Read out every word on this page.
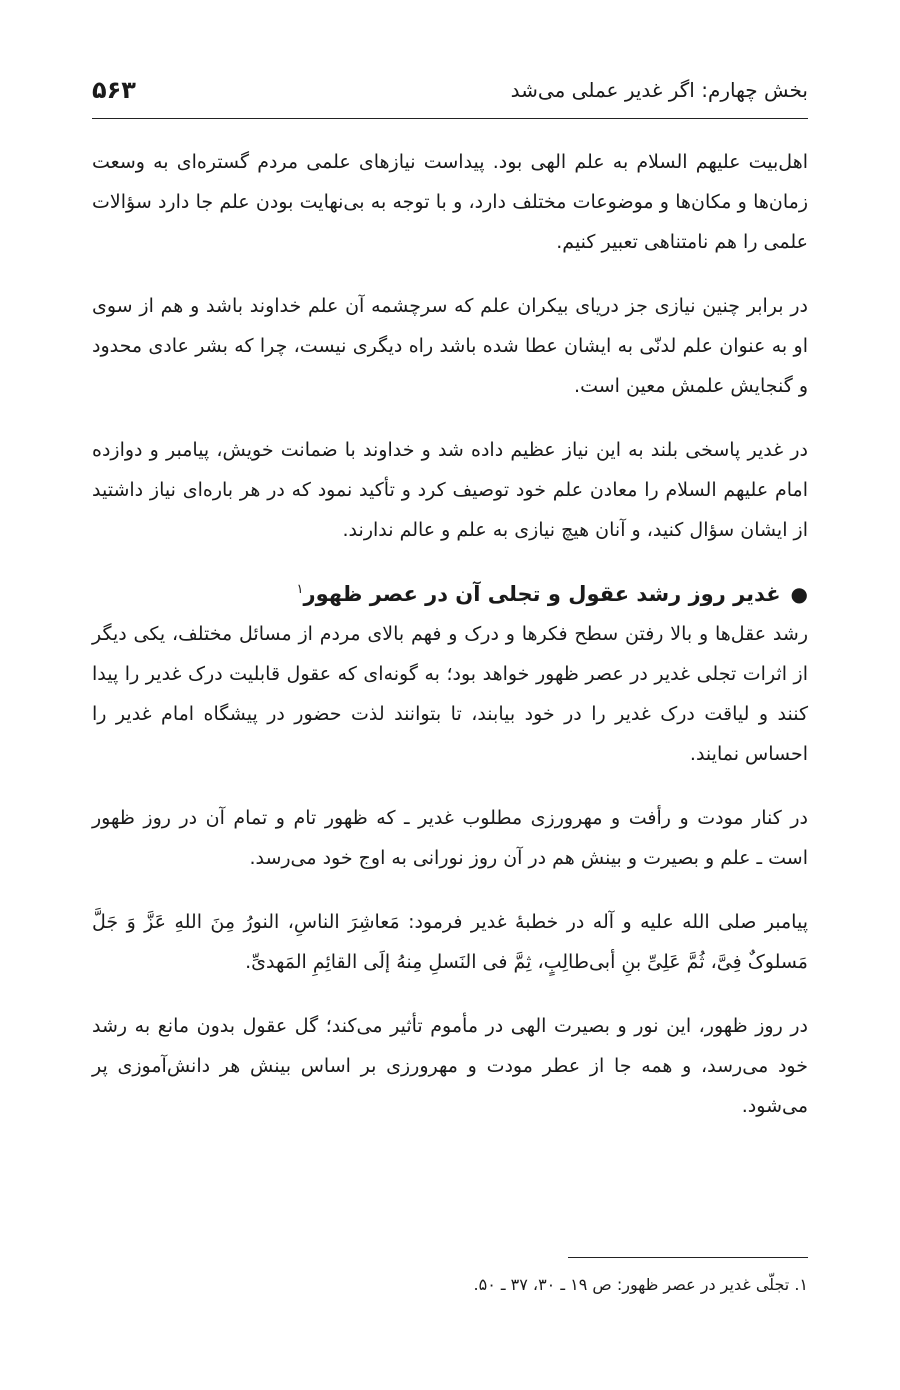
بخش چهارم: اگر غدیر عملی می‌شد
۵۶۳

اهل‌بیت علیهم السلام به علم الهی بود. پیداست نیازهای علمی مردم گستره‌ای به وسعت زمان‌ها و مکان‌ها و موضوعات مختلف دارد، و با توجه به بی‌نهایت بودن علم جا دارد سؤالات علمی را هم نامتناهی تعبیر کنیم.

در برابر چنین نیازی جز دریای بیکران علم که سرچشمه آن علم خداوند باشد و هم از سوی او به عنوان علم لدنّی به ایشان عطا شده باشد راه دیگری نیست، چرا که بشر عادی محدود و گنجایش علمش معین است.

در غدیر پاسخی بلند به این نیاز عظیم داده شد و خداوند با ضمانت خویش، پیامبر و دوازده امام علیهم السلام را معادن علم خود توصیف کرد و تأکید نمود که در هر باره‌ای نیاز داشتید از ایشان سؤال کنید، و آنان هیچ نیازی به علم و عالم ندارند.

●
غدیر روز رشد عقول و تجلی آن در عصر ظهور$^۱$

رشد عقل‌ها و بالا رفتن سطح فکرها و درک و فهم بالای مردم از مسائل مختلف، یکی دیگر از اثرات تجلی غدیر در عصر ظهور خواهد بود؛ به گونه‌ای که عقول قابلیت درک غدیر را پیدا کنند و لیاقت درک غدیر را در خود بیابند، تا بتوانند لذت حضور در پیشگاه امام غدیر را احساس نمایند.

در کنار مودت و رأفت و مهرورزی مطلوب غدیر ـ که ظهور تام و تمام آن در روز ظهور است ـ علم و بصیرت و بینش هم در آن روز نورانی به اوج خود می‌رسد.

پیامبر صلی الله علیه و آله در خطبهٔ غدیر فرمود: مَعاشِرَ الناسِ، النورُ مِنَ اللهِ عَزَّ وَ جَلَّ مَسلوکٌ فِیَّ، ثُمَّ عَلِیِّ بنِ أبی‌طالِبٍ، ثِمَّ فی النَسلِ مِنهُ إلَی القائِمِ المَهدیِّ.

در روز ظهور، این نور و بصیرت الهی در مأموم تأثیر می‌کند؛ گل عقول بدون مانع به رشد خود می‌رسد، و همه جا از عطر مودت و مهرورزی بر اساس بینش هر دانش‌آموزی پر می‌شود.

۱. تجلّی غدیر در عصر ظهور: ص ۱۹ ـ ۳۰، ۳۷ ـ ۵۰.
